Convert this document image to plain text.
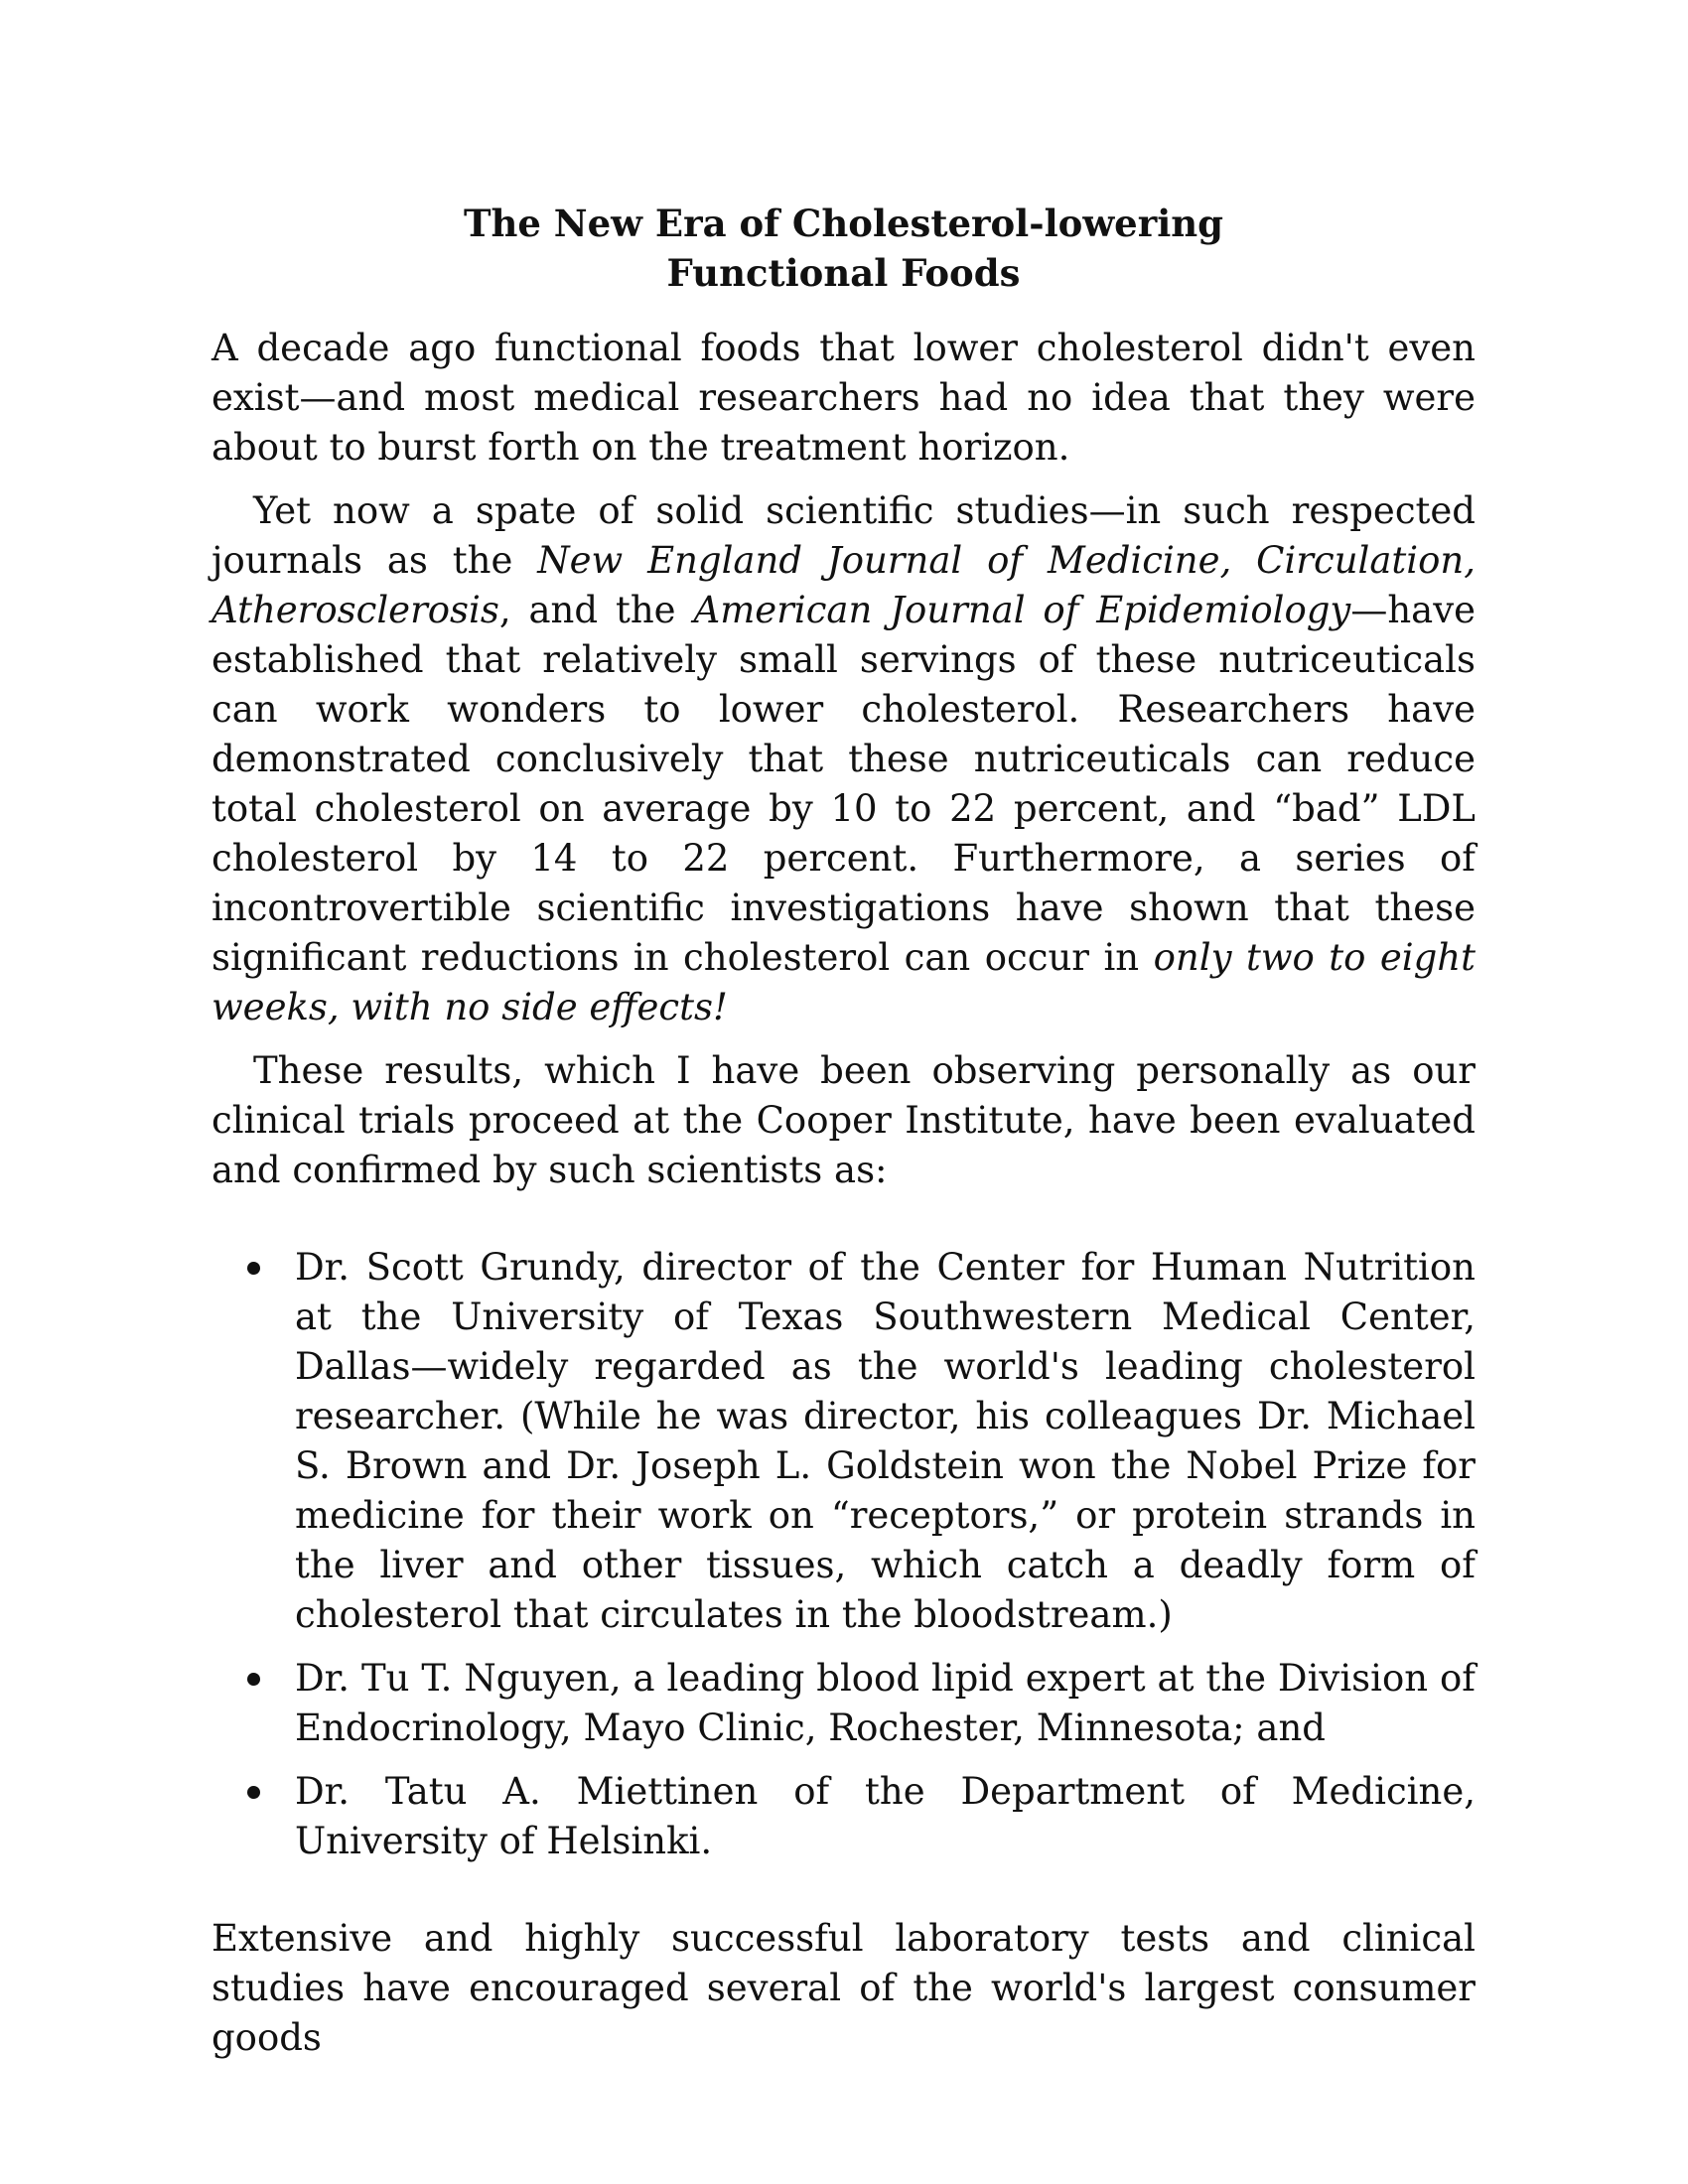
The New Era of Cholesterol-lowering
Functional Foods

A decade ago functional foods that lower cholesterol didn't even exist—and most medical researchers had no idea that they were about to burst forth on the treatment horizon.

Yet now a spate of solid scientific studies—in such respected journals as the New England Journal of Medicine, Circulation, Atherosclerosis, and the American Journal of Epidemiology—have established that relatively small servings of these nutriceuticals can work wonders to lower cholesterol. Researchers have demonstrated conclusively that these nutriceuticals can reduce total cholesterol on average by 10 to 22 percent, and “bad” LDL cholesterol by 14 to 22 percent. Furthermore, a series of incontrovertible scientific investigations have shown that these significant reductions in cholesterol can occur in only two to eight weeks, with no side effects!

These results, which I have been observing personally as our clinical trials proceed at the Cooper Institute, have been evaluated and confirmed by such scientists as:

Dr. Scott Grundy, director of the Center for Human Nutrition at the University of Texas Southwestern Medical Center, Dallas—widely regarded as the world's leading cholesterol researcher. (While he was director, his colleagues Dr. Michael S. Brown and Dr. Joseph L. Goldstein won the Nobel Prize for medicine for their work on “receptors,” or protein strands in the liver and other tissues, which catch a deadly form of cholesterol that circulates in the bloodstream.)
Dr. Tu T. Nguyen, a leading blood lipid expert at the Division of Endocrinology, Mayo Clinic, Rochester, Minnesota; and
Dr. Tatu A. Miettinen of the Department of Medicine, University of Helsinki.

Extensive and highly successful laboratory tests and clinical studies have encouraged several of the world's largest consumer goods
